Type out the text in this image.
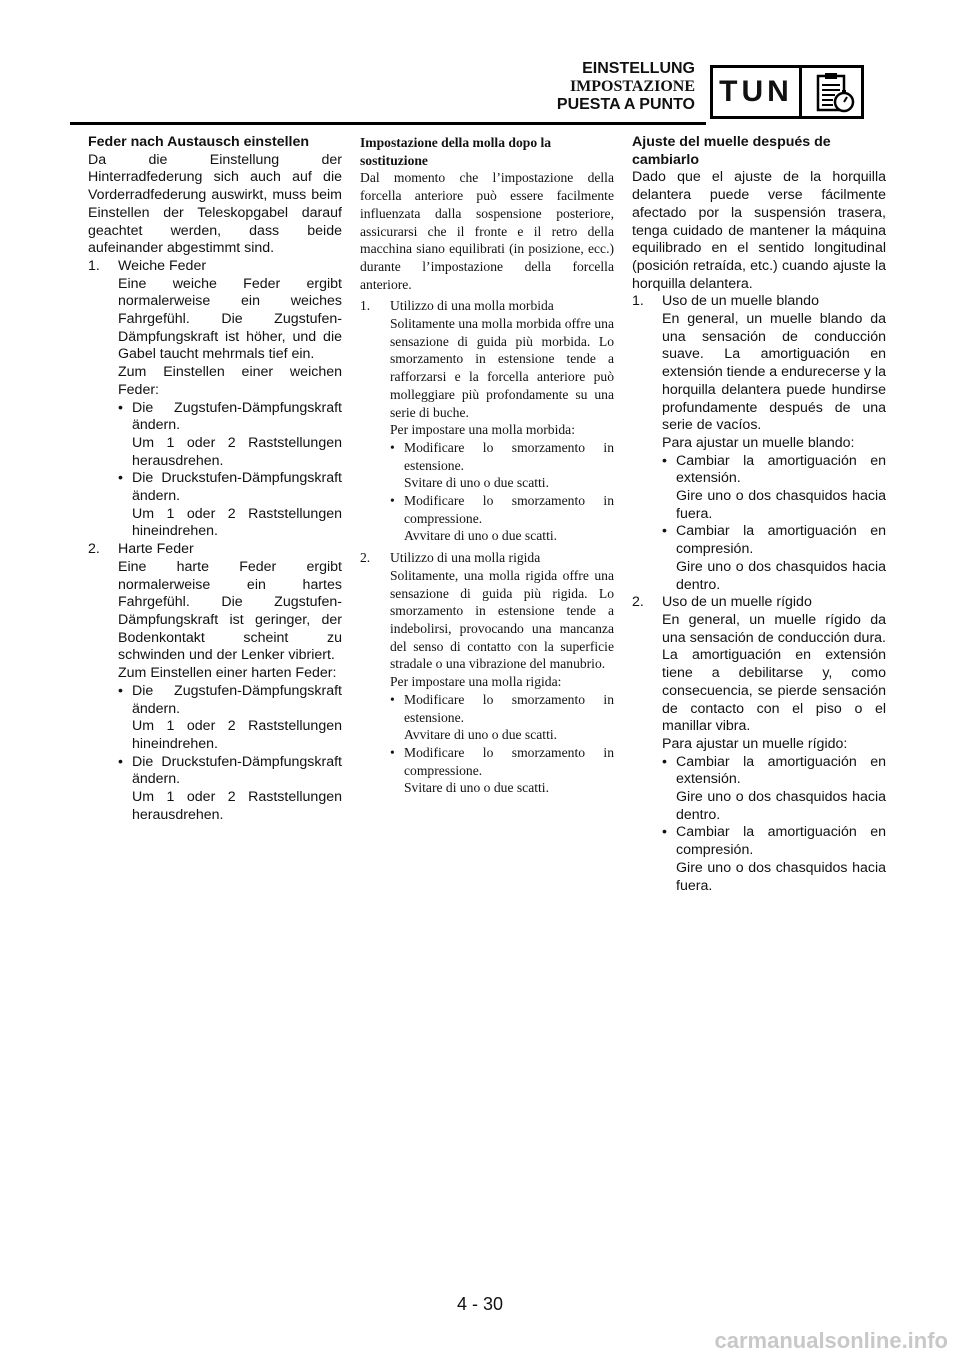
EINSTELLUNG
IMPOSTAZIONE
PUESTA A PUNTO TUN

Feder nach Austausch einstellen

Da die Einstellung der Hinterradfederung sich auch auf die Vorderradfederung auswirkt, muss beim Einstellen der Teleskopgabel darauf geachtet werden, dass beide aufeinander abgestimmt sind.

1. Weiche Feder

Eine weiche Feder ergibt normalerweise ein weiches Fahrgefühl. Die Zugstufen-Dämpfungskraft ist höher, und die Gabel taucht mehrmals tief ein.

Zum Einstellen einer weichen Feder:

• Die Zugstufen-Dämpfungskraft ändern.

Um 1 oder 2 Raststellungen herausdrehen.

• Die Druckstufen-Dämpfungskraft ändern.

Um 1 oder 2 Raststellungen hineindrehen.

2. Harte Feder

Eine harte Feder ergibt normalerweise ein hartes Fahrgefühl. Die Zugstufen-Dämpfungskraft ist geringer, der Bodenkontakt scheint zu schwinden und der Lenker vibriert.

Zum Einstellen einer harten Feder:

• Die Zugstufen-Dämpfungskraft ändern.

Um 1 oder 2 Raststellungen hineindrehen.

• Die Druckstufen-Dämpfungskraft ändern.

Um 1 oder 2 Raststellungen herausdrehen.

Impostazione della molla dopo la sostituzione

Dal momento che l’impostazione della forcella anteriore può essere facilmente influenzata dalla sospensione posteriore, assicurarsi che il fronte e il retro della macchina siano equilibrati (in posizione, ecc.) durante l’impostazione della forcella anteriore.

1. Utilizzo di una molla morbida

Solitamente una molla morbida offre una sensazione di guida più morbida. Lo smorzamento in estensione tende a rafforzarsi e la forcella anteriore può molleggiare più profondamente su una serie di buche.

Per impostare una molla morbida:

• Modificare lo smorzamento in estensione.

Svitare di uno o due scatti.

• Modificare lo smorzamento in compressione.

Avvitare di uno o due scatti.

2. Utilizzo di una molla rigida

Solitamente, una molla rigida offre una sensazione di guida più rigida. Lo smorzamento in estensione tende a indebolirsi, provocando una mancanza del senso di contatto con la superficie stradale o una vibrazione del manubrio.

Per impostare una molla rigida:

• Modificare lo smorzamento in estensione.

Avvitare di uno o due scatti.

• Modificare lo smorzamento in compressione.

Svitare di uno o due scatti.

Ajuste del muelle después de cambiarlo

Dado que el ajuste de la horquilla delantera puede verse fácilmente afectado por la suspensión trasera, tenga cuidado de mantener la máquina equilibrado en el sentido longitudinal (posición retraída, etc.) cuando ajuste la horquilla delantera.

1. Uso de un muelle blando

En general, un muelle blando da una sensación de conducción suave. La amortiguación en extensión tiende a endurecerse y la horquilla delantera puede hundirse profundamente después de una serie de vacíos.

Para ajustar un muelle blando:

• Cambiar la amortiguación en extensión.

Gire uno o dos chasquidos hacia fuera.

• Cambiar la amortiguación en compresión.

Gire uno o dos chasquidos hacia dentro.

2. Uso de un muelle rígido

En general, un muelle rígido da una sensación de conducción dura. La amortiguación en extensión tiene a debilitarse y, como consecuencia, se pierde sensación de contacto con el piso o el manillar vibra.

Para ajustar un muelle rígido:

• Cambiar la amortiguación en extensión.

Gire uno o dos chasquidos hacia dentro.

• Cambiar la amortiguación en compresión.

Gire uno o dos chasquidos hacia fuera.

4 - 30
carmanualsonline.info
